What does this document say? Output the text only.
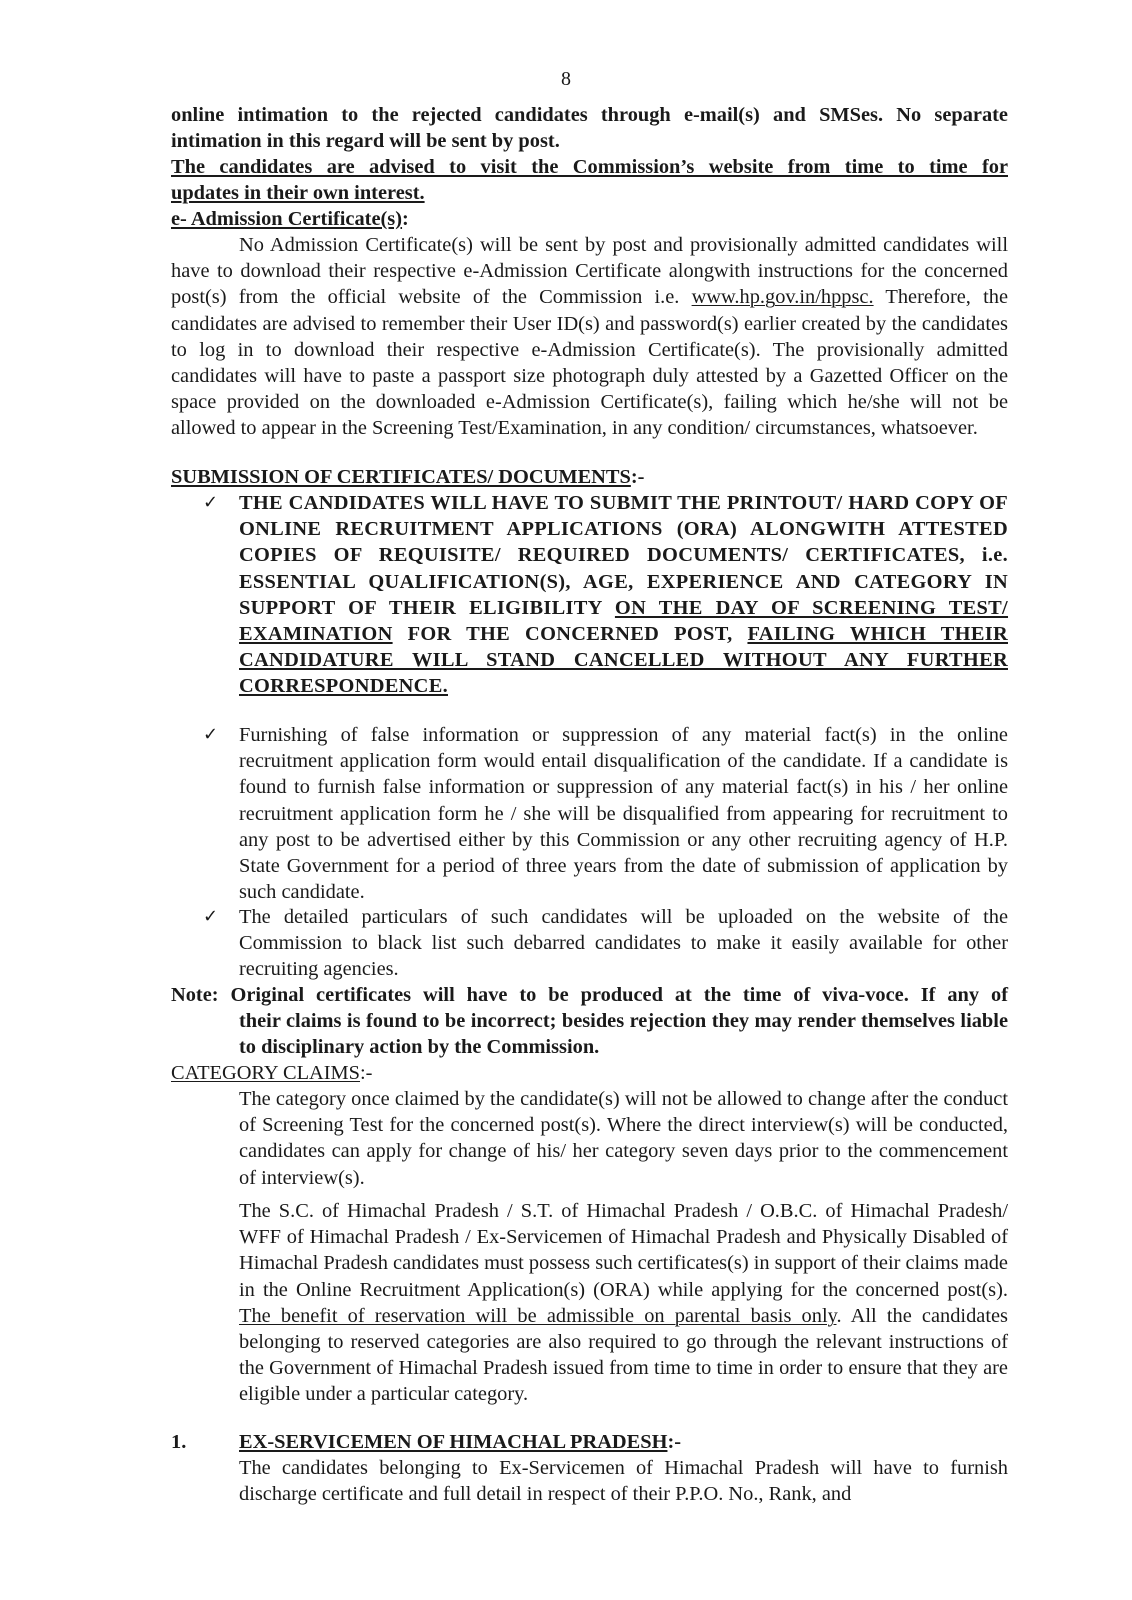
8
online intimation to the rejected candidates through e-mail(s) and SMSes. No separate
intimation in this regard will be sent by post.
The candidates are advised to visit the Commission’s website from time to time for
updates in their own interest.
e- Admission Certificate(s):
No Admission Certificate(s) will be sent by post and provisionally admitted candidates will have to download their respective e-Admission Certificate alongwith instructions for the concerned post(s) from the official website of the Commission i.e. www.hp.gov.in/hppsc. Therefore, the candidates are advised to remember their User ID(s) and password(s) earlier created by the candidates to log in to download their respective e-Admission Certificate(s). The provisionally admitted candidates will have to paste a passport size photograph duly attested by a Gazetted Officer on the space provided on the downloaded e-Admission Certificate(s), failing which he/she will not be allowed to appear in the Screening Test/Examination, in any condition/ circumstances, whatsoever.
SUBMISSION OF CERTIFICATES/ DOCUMENTS:-
✓ THE CANDIDATES WILL HAVE TO SUBMIT THE PRINTOUT/ HARD COPY OF ONLINE RECRUITMENT APPLICATIONS (ORA) ALONGWITH ATTESTED COPIES OF REQUISITE/ REQUIRED DOCUMENTS/ CERTIFICATES, i.e. ESSENTIAL QUALIFICATION(S), AGE, EXPERIENCE AND CATEGORY IN SUPPORT OF THEIR ELIGIBILITY ON THE DAY OF SCREENING TEST/ EXAMINATION FOR THE CONCERNED POST, FAILING WHICH THEIR CANDIDATURE WILL STAND CANCELLED WITHOUT ANY FURTHER CORRESPONDENCE.
✓ Furnishing of false information or suppression of any material fact(s) in the online recruitment application form would entail disqualification of the candidate. If a candidate is found to furnish false information or suppression of any material fact(s) in his / her online recruitment application form he / she will be disqualified from appearing for recruitment to any post to be advertised either by this Commission or any other recruiting agency of H.P. State Government for a period of three years from the date of submission of application by such candidate.
✓ The detailed particulars of such candidates will be uploaded on the website of the Commission to black list such debarred candidates to make it easily available for other recruiting agencies.
Note: Original certificates will have to be produced at the time of viva-voce. If any of
their claims is found to be incorrect; besides rejection they may render themselves liable to disciplinary action by the Commission.
CATEGORY CLAIMS:-
The category once claimed by the candidate(s) will not be allowed to change after the conduct of Screening Test for the concerned post(s). Where the direct interview(s) will be conducted, candidates can apply for change of his/ her category seven days prior to the commencement of interview(s).
The S.C. of Himachal Pradesh / S.T. of Himachal Pradesh / O.B.C. of Himachal Pradesh/ WFF of Himachal Pradesh / Ex-Servicemen of Himachal Pradesh and Physically Disabled of Himachal Pradesh candidates must possess such certificates(s) in support of their claims made in the Online Recruitment Application(s) (ORA) while applying for the concerned post(s). The benefit of reservation will be admissible on parental basis only. All the candidates belonging to reserved categories are also required to go through the relevant instructions of the Government of Himachal Pradesh issued from time to time in order to ensure that they are eligible under a particular category.
1.	EX-SERVICEMEN OF HIMACHAL PRADESH:-
The candidates belonging to Ex-Servicemen of Himachal Pradesh will have to furnish discharge certificate and full detail in respect of their P.P.O. No., Rank, and
